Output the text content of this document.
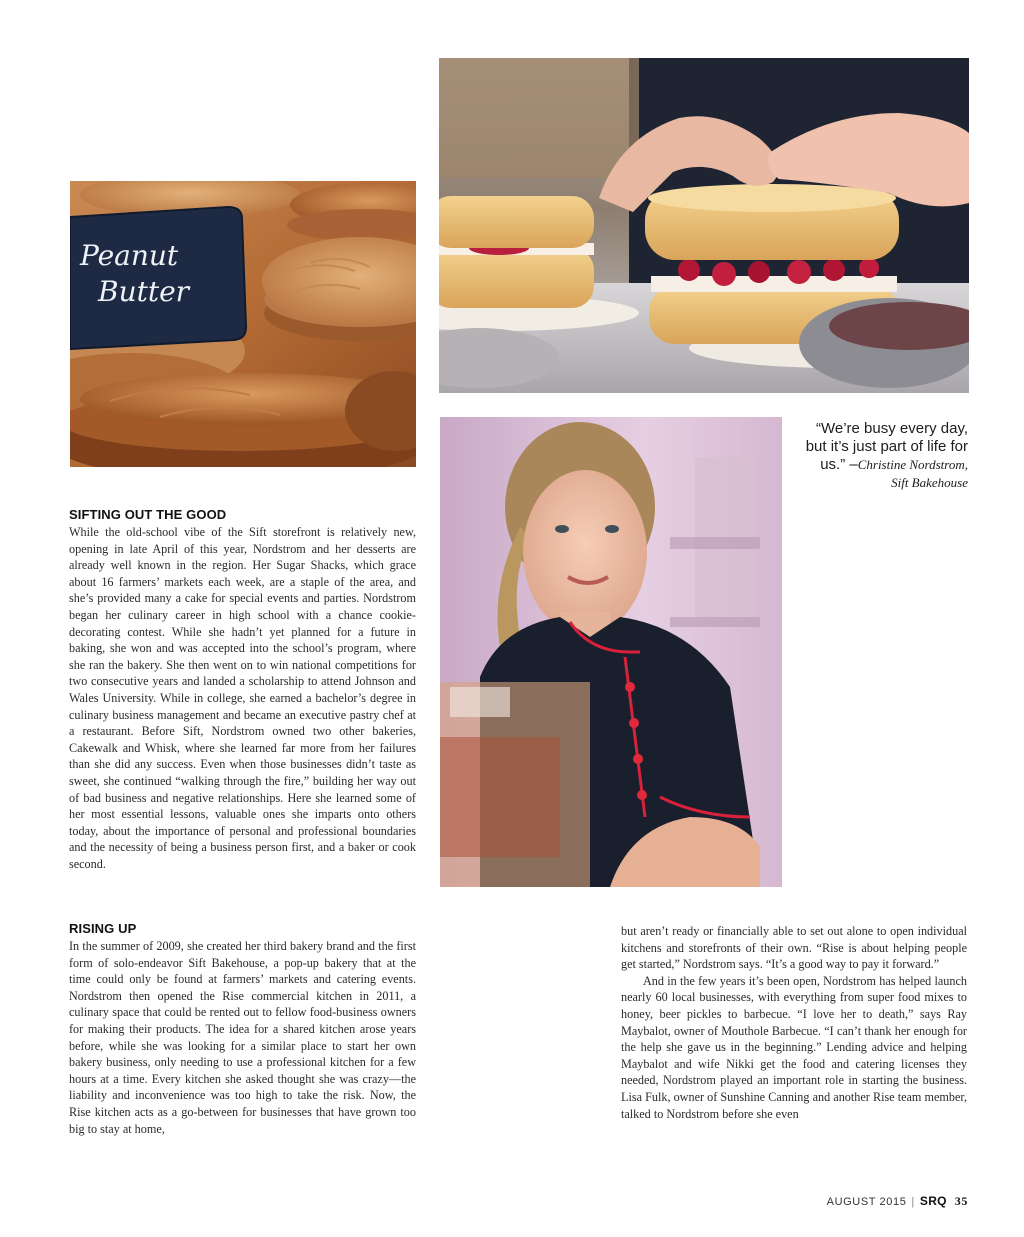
Peanut
Butter
“We’re busy every day, but it’s just part of life for us.” –Christine Nordstrom, Sift Bakehouse
SIFTING OUT THE GOOD

While the old-school vibe of the Sift storefront is relatively new, opening in late April of this year, Nordstrom and her desserts are already well known in the region. Her Sugar Shacks, which grace about 16 farmers’ markets each week, are a staple of the area, and she’s provided many a cake for special events and parties. Nordstrom began her culinary career in high school with a chance cookie-decorating contest. While she hadn’t yet planned for a future in baking, she won and was accepted into the school’s program, where she ran the bakery. She then went on to win national competitions for two consecutive years and landed a scholarship to attend Johnson and Wales University. While in college, she earned a bachelor’s degree in culinary business management and became an executive pastry chef at a restaurant. Before Sift, Nordstrom owned two other bakeries, Cakewalk and Whisk, where she learned far more from her failures than she did any success. Even when those businesses didn’t taste as sweet, she continued “walking through the fire,” building her way out of bad business and negative relationships. Here she learned some of her most essential lessons, valuable ones she imparts onto others today, about the importance of personal and professional boundaries and the necessity of being a business person first, and a baker or cook second.

RISING UP

In the summer of 2009, she created her third bakery brand and the first form of solo-endeavor Sift Bakehouse, a pop-up bakery that at the time could only be found at farmers’ markets and catering events. Nordstrom then opened the Rise commercial kitchen in 2011, a culinary space that could be rented out to fellow food-business owners for making their products. The idea for a shared kitchen arose years before, while she was looking for a similar place to start her own bakery business, only needing to use a professional kitchen for a few hours at a time. Every kitchen she asked thought she was crazy—the liability and inconvenience was too high to take the risk. Now, the Rise kitchen acts as a go-between for businesses that have grown too big to stay at home,

but aren’t ready or financially able to set out alone to open individual kitchens and storefronts of their own. “Rise is about helping people get started,” Nordstrom says. “It’s a good way to pay it forward.”

And in the few years it’s been open, Nordstrom has helped launch nearly 60 local businesses, with everything from super food mixes to honey, beer pickles to barbecue. “I love her to death,” says Ray Maybalot, owner of Mouthole Barbecue. “I can’t thank her enough for the help she gave us in the beginning.” Lending advice and helping Maybalot and wife Nikki get the food and catering licenses they needed, Nordstrom played an important role in starting the business. Lisa Fulk, owner of Sunshine Canning and another Rise team member, talked to Nordstrom before she even

AUGUST 2015 | SRQ 35
